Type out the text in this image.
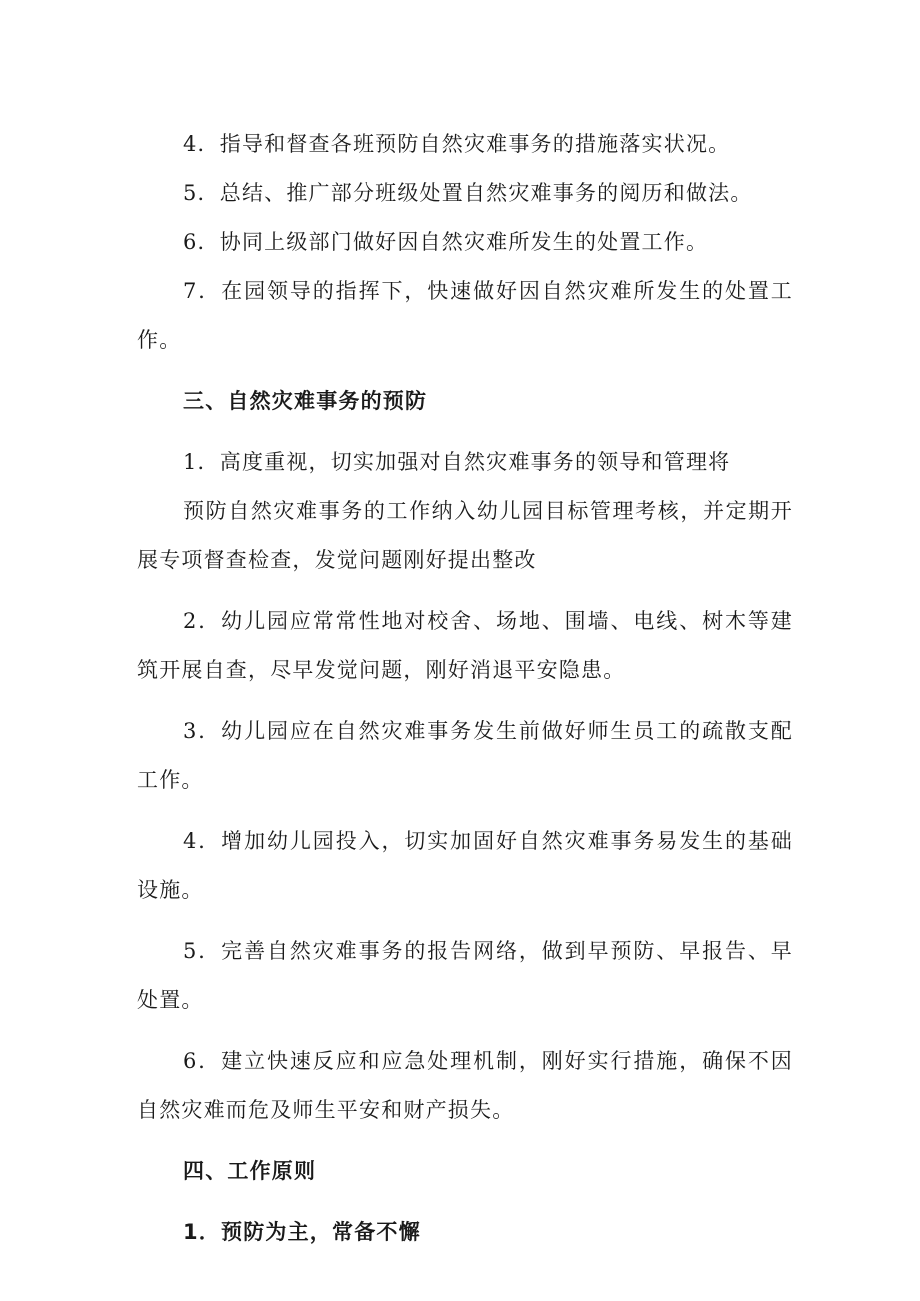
4．指导和督查各班预防自然灾难事务的措施落实状况。

5．总结、推广部分班级处置自然灾难事务的阅历和做法。

6．协同上级部门做好因自然灾难所发生的处置工作。

7．在园领导的指挥下，快速做好因自然灾难所发生的处置工作。

三、自然灾难事务的预防

1．高度重视，切实加强对自然灾难事务的领导和管理将

预防自然灾难事务的工作纳入幼儿园目标管理考核，并定期开展专项督查检查，发觉问题刚好提出整改

2．幼儿园应常常性地对校舍、场地、围墙、电线、树木等建筑开展自查，尽早发觉问题，刚好消退平安隐患。

3．幼儿园应在自然灾难事务发生前做好师生员工的疏散支配工作。

4．增加幼儿园投入，切实加固好自然灾难事务易发生的基础设施。

5．完善自然灾难事务的报告网络，做到早预防、早报告、早处置。

6．建立快速反应和应急处理机制，刚好实行措施，确保不因自然灾难而危及师生平安和财产损失。

四、工作原则

1．预防为主，常备不懈
